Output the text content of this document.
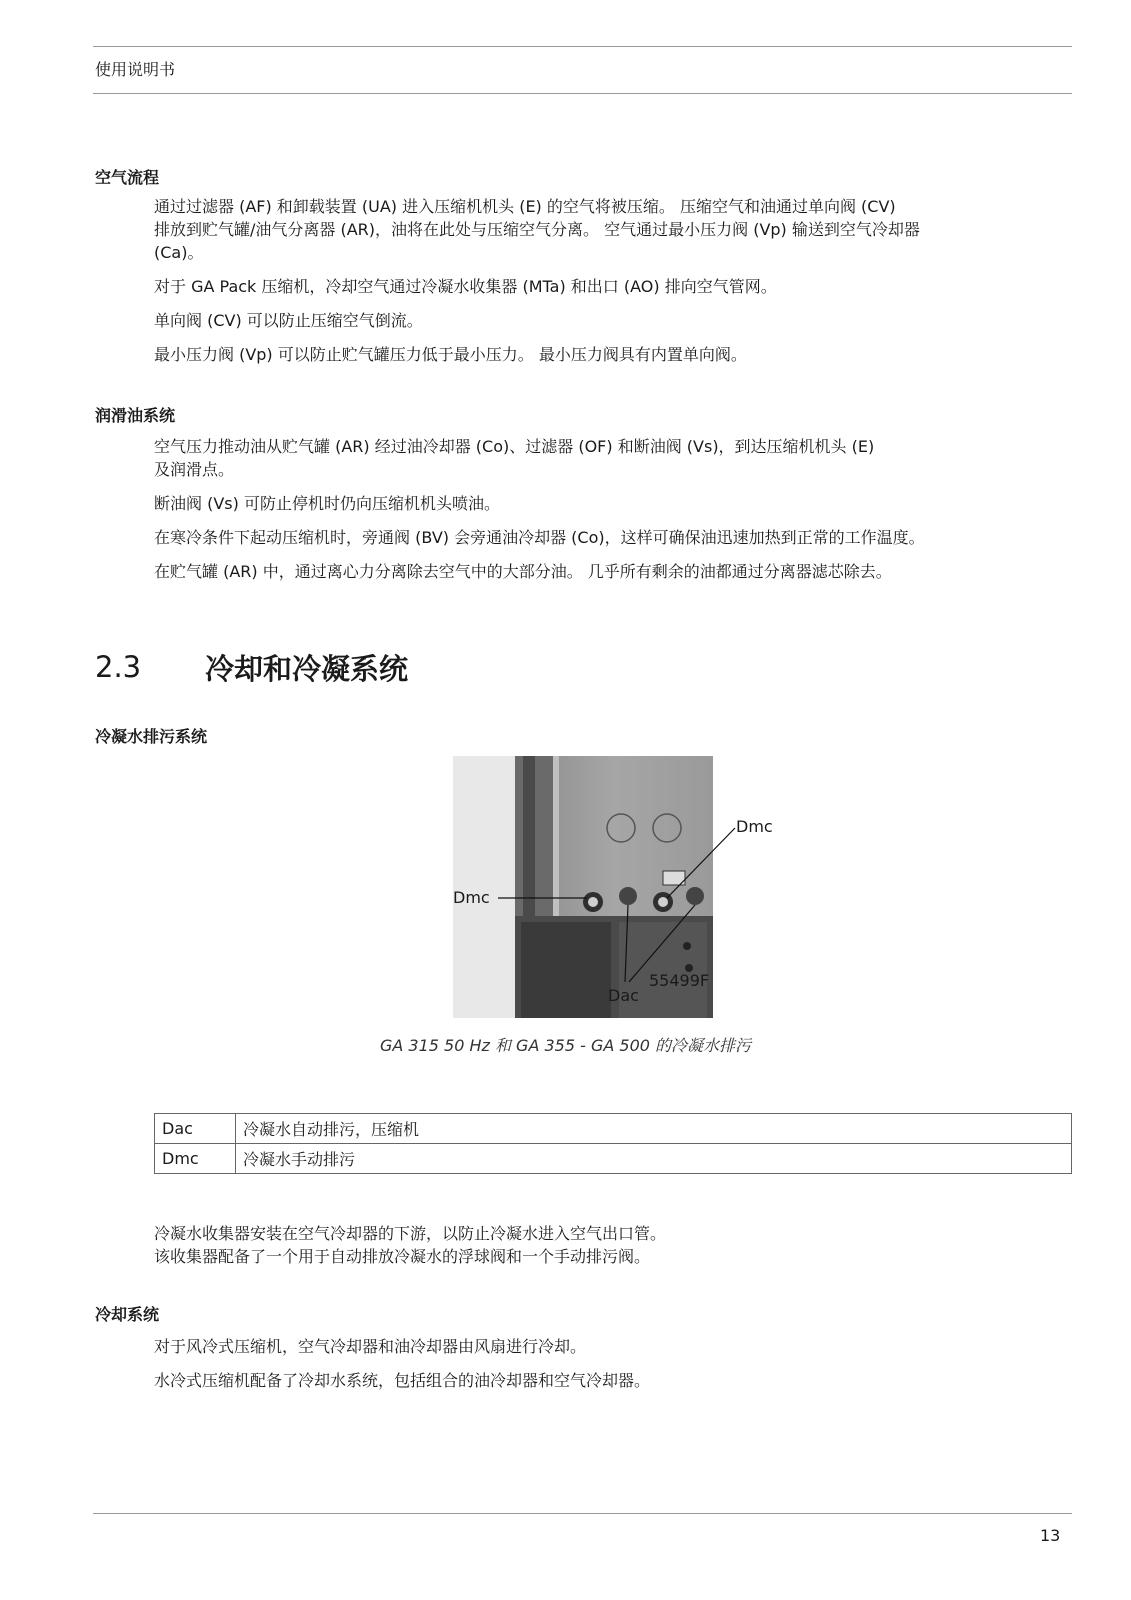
使用说明书
空气流程
通过过滤器 (AF) 和卸载装置 (UA) 进入压缩机机头 (E) 的空气将被压缩。 压缩空气和油通过单向阀 (CV)
排放到贮气罐/油气分离器 (AR)，油将在此处与压缩空气分离。 空气通过最小压力阀 (Vp) 输送到空气冷却器
(Ca)。
对于 GA Pack 压缩机，冷却空气通过冷凝水收集器 (MTa) 和出口 (AO) 排向空气管网。
单向阀 (CV) 可以防止压缩空气倒流。
最小压力阀 (Vp) 可以防止贮气罐压力低于最小压力。 最小压力阀具有内置单向阀。
润滑油系统
空气压力推动油从贮气罐 (AR) 经过油冷却器 (Co)、过滤器 (OF) 和断油阀 (Vs)，到达压缩机机头 (E)
及润滑点。
断油阀 (Vs) 可防止停机时仍向压缩机机头喷油。
在寒冷条件下起动压缩机时，旁通阀 (BV) 会旁通油冷却器 (Co)，这样可确保油迅速加热到正常的工作温度。
在贮气罐 (AR) 中，通过离心力分离除去空气中的大部分油。 几乎所有剩余的油都通过分离器滤芯除去。
2.3 冷却和冷凝系统
冷凝水排污系统
Dmc
Dmc
Dac
55499F
GA 315 50 Hz 和 GA 355 - GA 500 的冷凝水排污
Dac	冷凝水自动排污，压缩机
Dmc	冷凝水手动排污
冷凝水收集器安装在空气冷却器的下游，以防止冷凝水进入空气出口管。
该收集器配备了一个用于自动排放冷凝水的浮球阀和一个手动排污阀。
冷却系统
对于风冷式压缩机，空气冷却器和油冷却器由风扇进行冷却。
水冷式压缩机配备了冷却水系统，包括组合的油冷却器和空气冷却器。
13
